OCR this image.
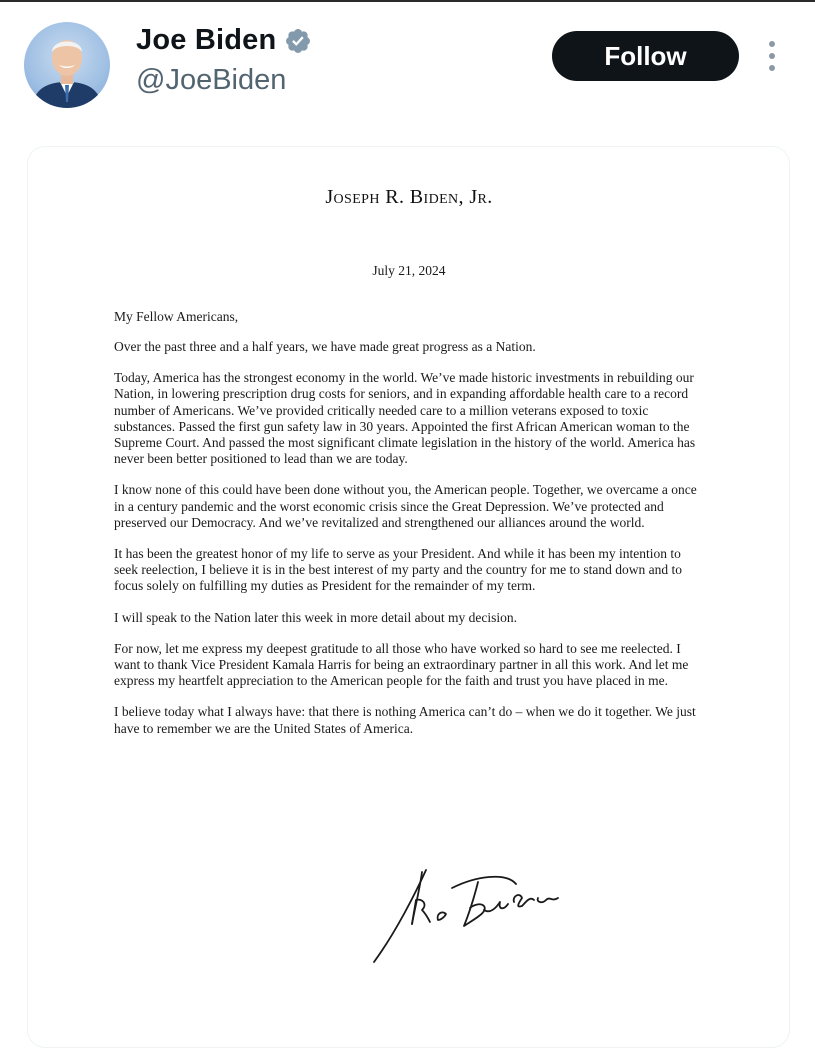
Joe Biden
@JoeBiden
Follow
Joseph R. Biden, Jr.
July 21, 2024
My Fellow Americans,
Over the past three and a half years, we have made great progress as a Nation.
Today, America has the strongest economy in the world. We’ve made historic investments in rebuilding our Nation, in lowering prescription drug costs for seniors, and in expanding affordable health care to a record number of Americans. We’ve provided critically needed care to a million veterans exposed to toxic substances. Passed the first gun safety law in 30 years. Appointed the first African American woman to the Supreme Court. And passed the most significant climate legislation in the history of the world. America has never been better positioned to lead than we are today.
I know none of this could have been done without you, the American people. Together, we overcame a once in a century pandemic and the worst economic crisis since the Great Depression. We’ve protected and preserved our Democracy. And we’ve revitalized and strengthened our alliances around the world.
It has been the greatest honor of my life to serve as your President. And while it has been my intention to seek reelection, I believe it is in the best interest of my party and the country for me to stand down and to focus solely on fulfilling my duties as President for the remainder of my term.
I will speak to the Nation later this week in more detail about my decision.
For now, let me express my deepest gratitude to all those who have worked so hard to see me reelected. I want to thank Vice President Kamala Harris for being an extraordinary partner in all this work. And let me express my heartfelt appreciation to the American people for the faith and trust you have placed in me.
I believe today what I always have: that there is nothing America can’t do – when we do it together. We just have to remember we are the United States of America.
